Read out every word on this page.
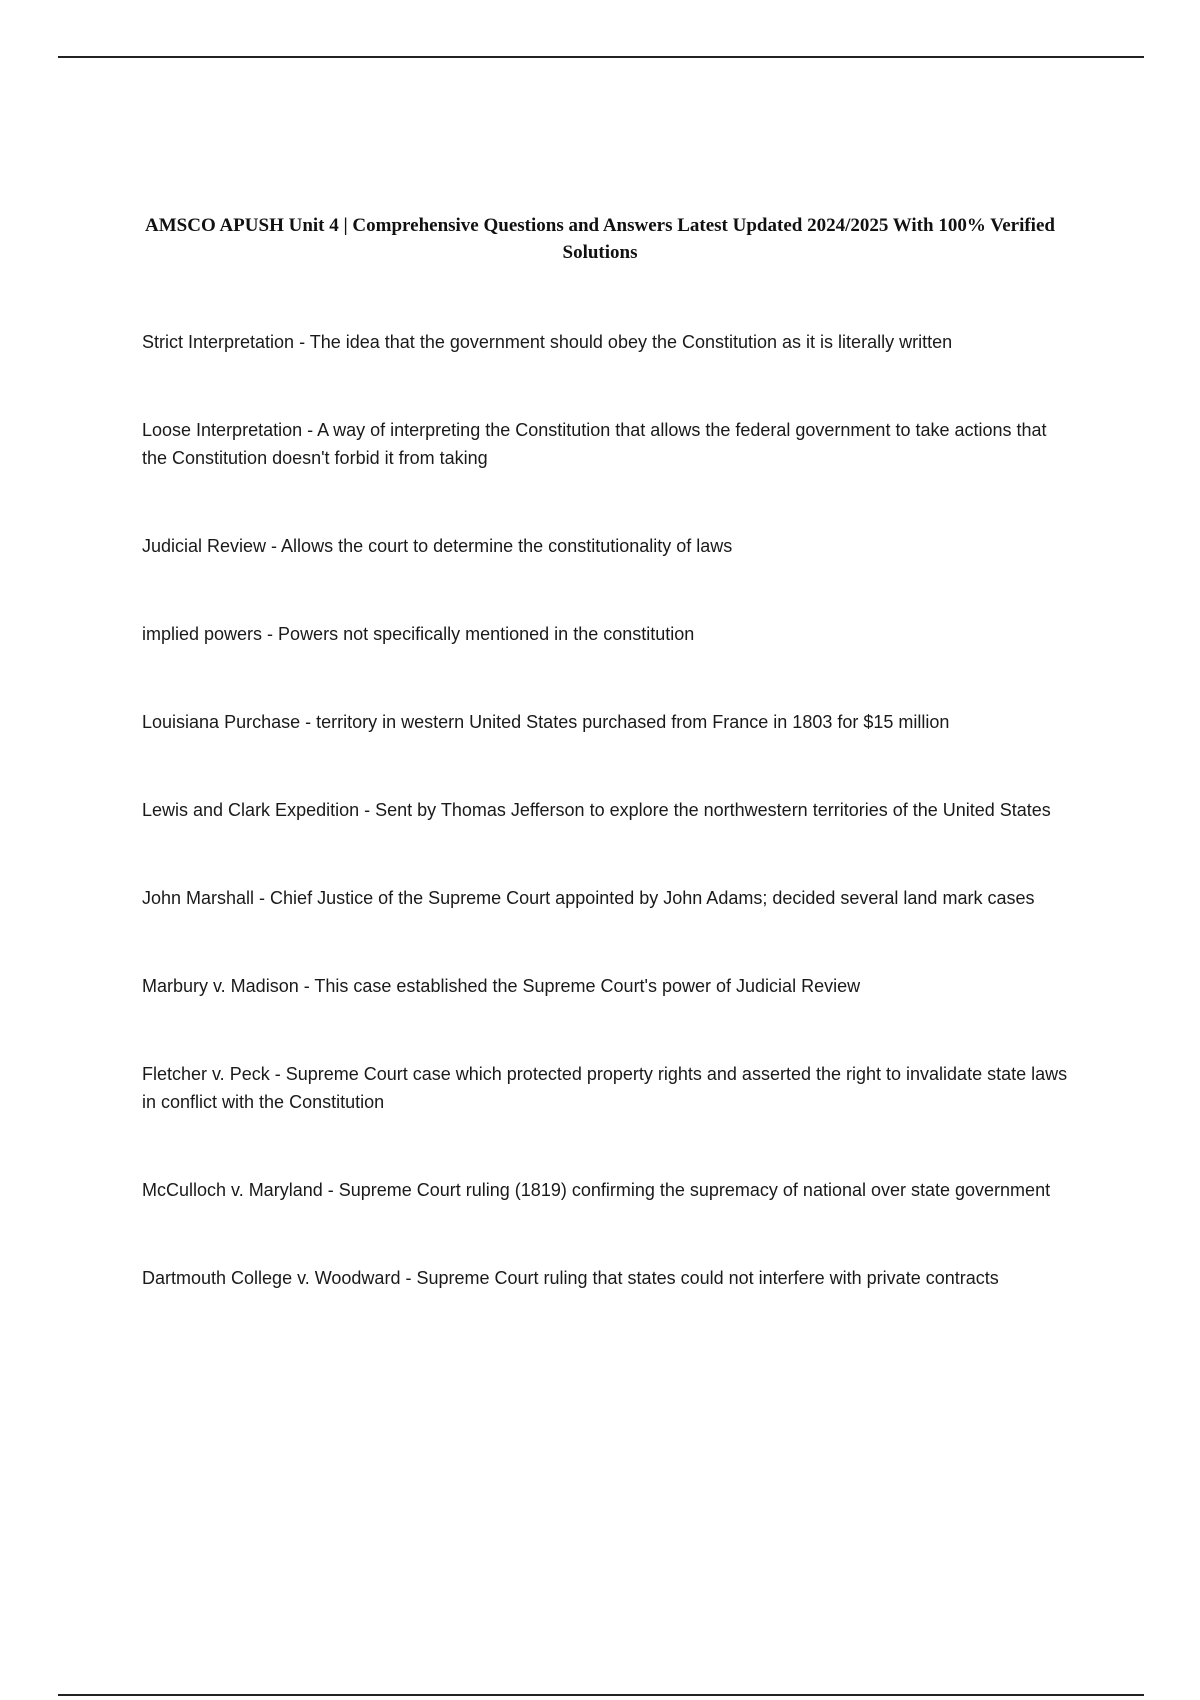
AMSCO APUSH Unit 4 | Comprehensive Questions and Answers Latest Updated 2024/2025 With 100% Verified Solutions
Strict Interpretation - The idea that the government should obey the Constitution as it is literally written
Loose Interpretation - A way of interpreting the Constitution that allows the federal government to take actions that the Constitution doesn't forbid it from taking
Judicial Review - Allows the court to determine the constitutionality of laws
implied powers - Powers not specifically mentioned in the constitution
Louisiana Purchase - territory in western United States purchased from France in 1803 for $15 million
Lewis and Clark Expedition - Sent by Thomas Jefferson to explore the northwestern territories of the United States
John Marshall - Chief Justice of the Supreme Court appointed by John Adams; decided several land mark cases
Marbury v. Madison - This case established the Supreme Court's power of Judicial Review
Fletcher v. Peck - Supreme Court case which protected property rights and asserted the right to invalidate state laws in conflict with the Constitution
McCulloch v. Maryland - Supreme Court ruling (1819) confirming the supremacy of national over state government
Dartmouth College v. Woodward - Supreme Court ruling that states could not interfere with private contracts
